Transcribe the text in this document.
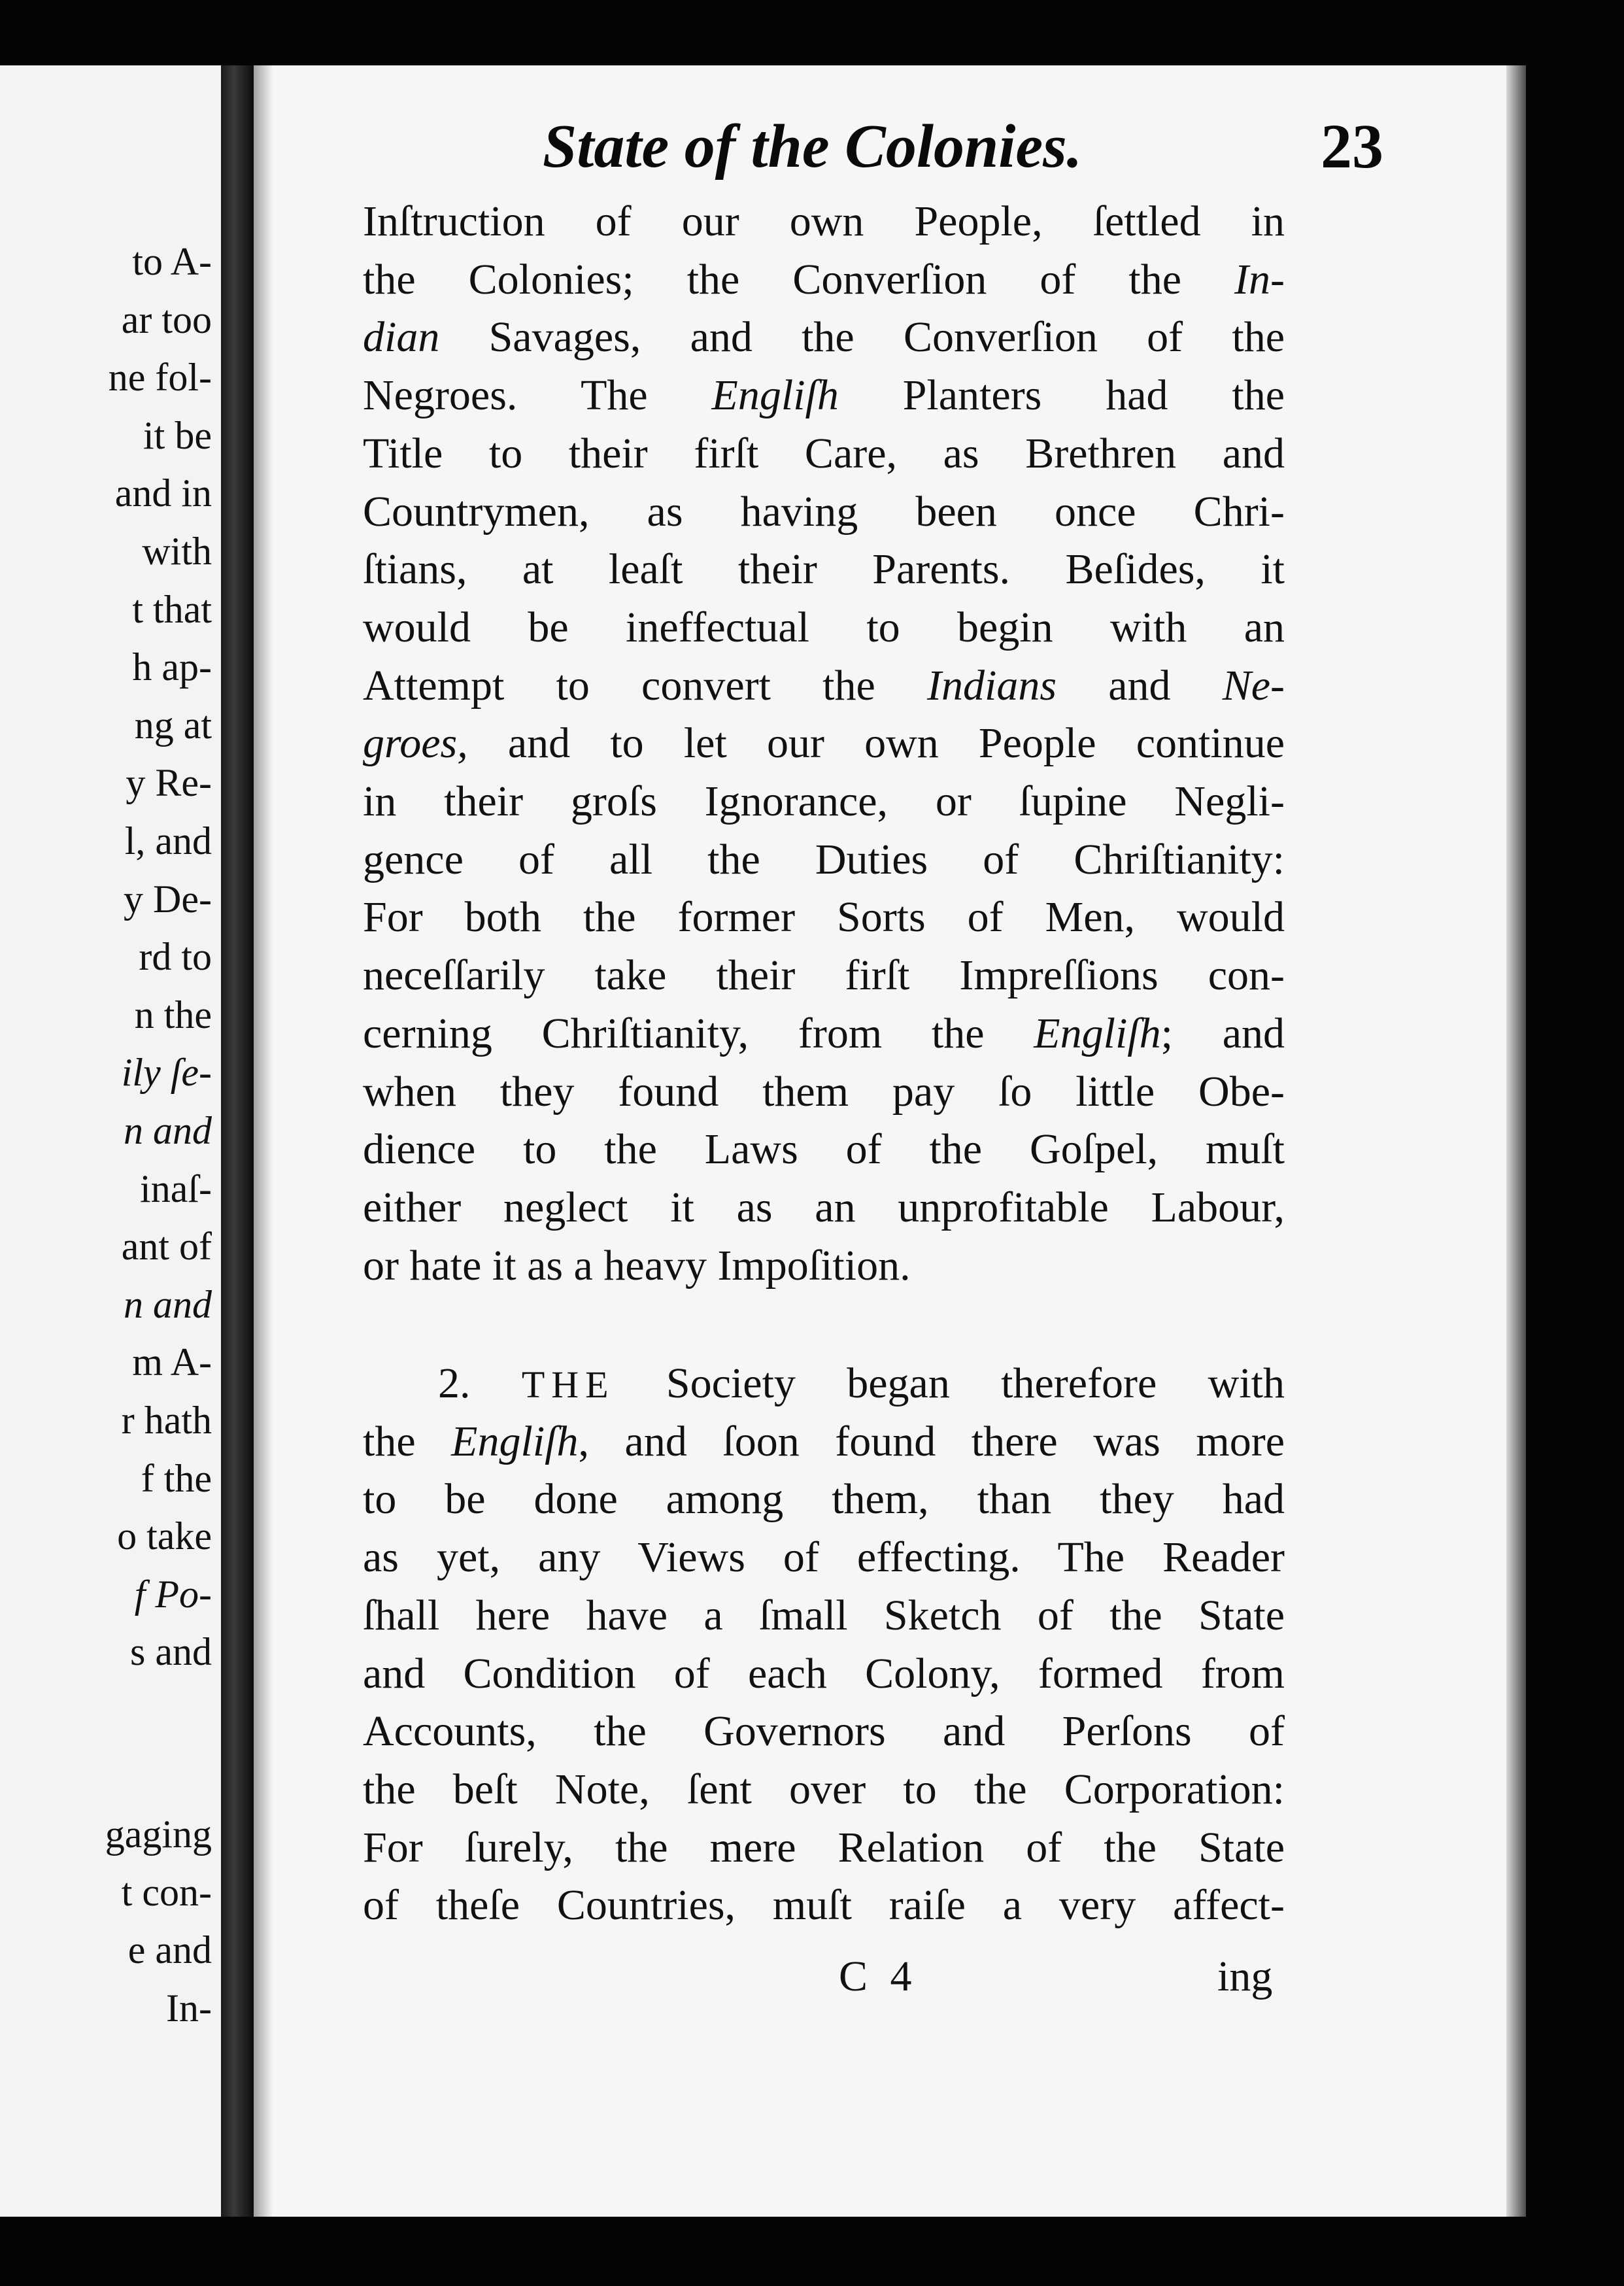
to A-
ar too
ne fol-
it be
and in
with
t that
h ap-
ng at
y Re-
l, and
y De-
rd to
n the
ily ſe-
n and
inaſ-
ant of
n and
m A-
r hath
f the
o take
f Po-
s and
gaging
t con-
e and
In-
State of the Colonies.	23
Inſtruction of our own People, ſettled in
the Colonies; the Converſion of the In-
dian Savages, and the Converſion of the
Negroes. The Engliſh Planters had the
Title to their firſt Care, as Brethren and
Countrymen, as having been once Chri-
ſtians, at leaſt their Parents. Beſides, it
would be ineffectual to begin with an
Attempt to convert the Indians and Ne-
groes, and to let our own People continue
in their groſs Ignorance, or ſupine Negli-
gence of all the Duties of Chriſtianity:
For both the former Sorts of Men, would
neceſſarily take their firſt Impreſſions con-
cerning Chriſtianity, from the Engliſh; and
when they found them pay ſo little Obe-
dience to the Laws of the Goſpel, muſt
either neglect it as an unprofitable Labour,
or hate it as a heavy Impoſition.
2. THE Society began therefore with
the Engliſh, and ſoon found there was more
to be done among them, than they had
as yet, any Views of effecting. The Reader
ſhall here have a ſmall Sketch of the State
and Condition of each Colony, formed from
Accounts, the Governors and Perſons of
the beſt Note, ſent over to the Corporation:
For ſurely, the mere Relation of the State
of theſe Countries, muſt raiſe a very affect-
C 4	ing
